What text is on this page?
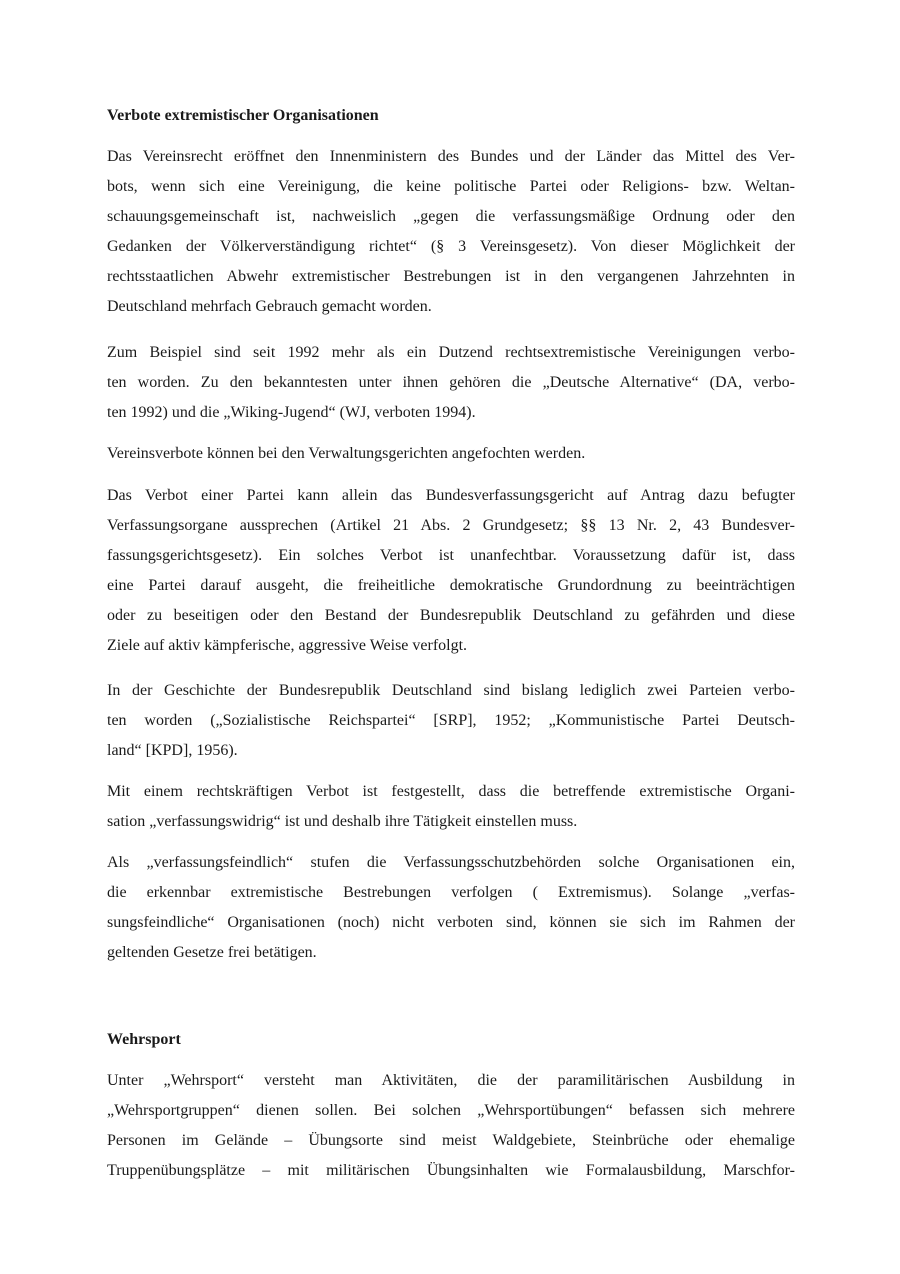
Verbote extremistischer Organisationen
Das Vereinsrecht eröffnet den Innenministern des Bundes und der Länder das Mittel des Ver-
bots, wenn sich eine Vereinigung, die keine politische Partei oder Religions- bzw. Weltan-
schauungsgemeinschaft ist, nachweislich „gegen die verfassungsmäßige Ordnung oder den
Gedanken der Völkerverständigung richtet“ (§ 3 Vereinsgesetz). Von dieser Möglichkeit der
rechtsstaatlichen Abwehr extremistischer Bestrebungen ist in den vergangenen Jahrzehnten in
Deutschland mehrfach Gebrauch gemacht worden.
Zum Beispiel sind seit 1992 mehr als ein Dutzend rechtsextremistische Vereinigungen verbo-
ten worden. Zu den bekanntesten unter ihnen gehören die „Deutsche Alternative“ (DA, verbo-
ten 1992) und die „Wiking-Jugend“ (WJ, verboten 1994).
Vereinsverbote können bei den Verwaltungsgerichten angefochten werden.
Das Verbot einer Partei kann allein das Bundesverfassungsgericht auf Antrag dazu befugter
Verfassungsorgane aussprechen (Artikel 21 Abs. 2 Grundgesetz; §§ 13 Nr. 2, 43 Bundesver-
fassungsgerichtsgesetz). Ein solches Verbot ist unanfechtbar. Voraussetzung dafür ist, dass
eine Partei darauf ausgeht, die freiheitliche demokratische Grundordnung zu beeinträchtigen
oder zu beseitigen oder den Bestand der Bundesrepublik Deutschland zu gefährden und diese
Ziele auf aktiv kämpferische, aggressive Weise verfolgt.
In der Geschichte der Bundesrepublik Deutschland sind bislang lediglich zwei Parteien verbo-
ten worden („Sozialistische Reichspartei“ [SRP], 1952; „Kommunistische Partei Deutsch-
land“ [KPD], 1956).
Mit einem rechtskräftigen Verbot ist festgestellt, dass die betreffende extremistische Organi-
sation „verfassungswidrig“ ist und deshalb ihre Tätigkeit einstellen muss.
Als „verfassungsfeindlich“ stufen die Verfassungsschutzbehörden solche Organisationen ein,
die erkennbar extremistische Bestrebungen verfolgen ( Extremismus). Solange „verfas-
sungsfeindliche“ Organisationen (noch) nicht verboten sind, können sie sich im Rahmen der
geltenden Gesetze frei betätigen.
Wehrsport
Unter „Wehrsport“ versteht man Aktivitäten, die der paramilitärischen Ausbildung in
„Wehrsportgruppen“ dienen sollen. Bei solchen „Wehrsportübungen“ befassen sich mehrere
Personen im Gelände – Übungsorte sind meist Waldgebiete, Steinbrüche oder ehemalige
Truppenübungsplätze – mit militärischen Übungsinhalten wie Formalausbildung, Marschfor-
